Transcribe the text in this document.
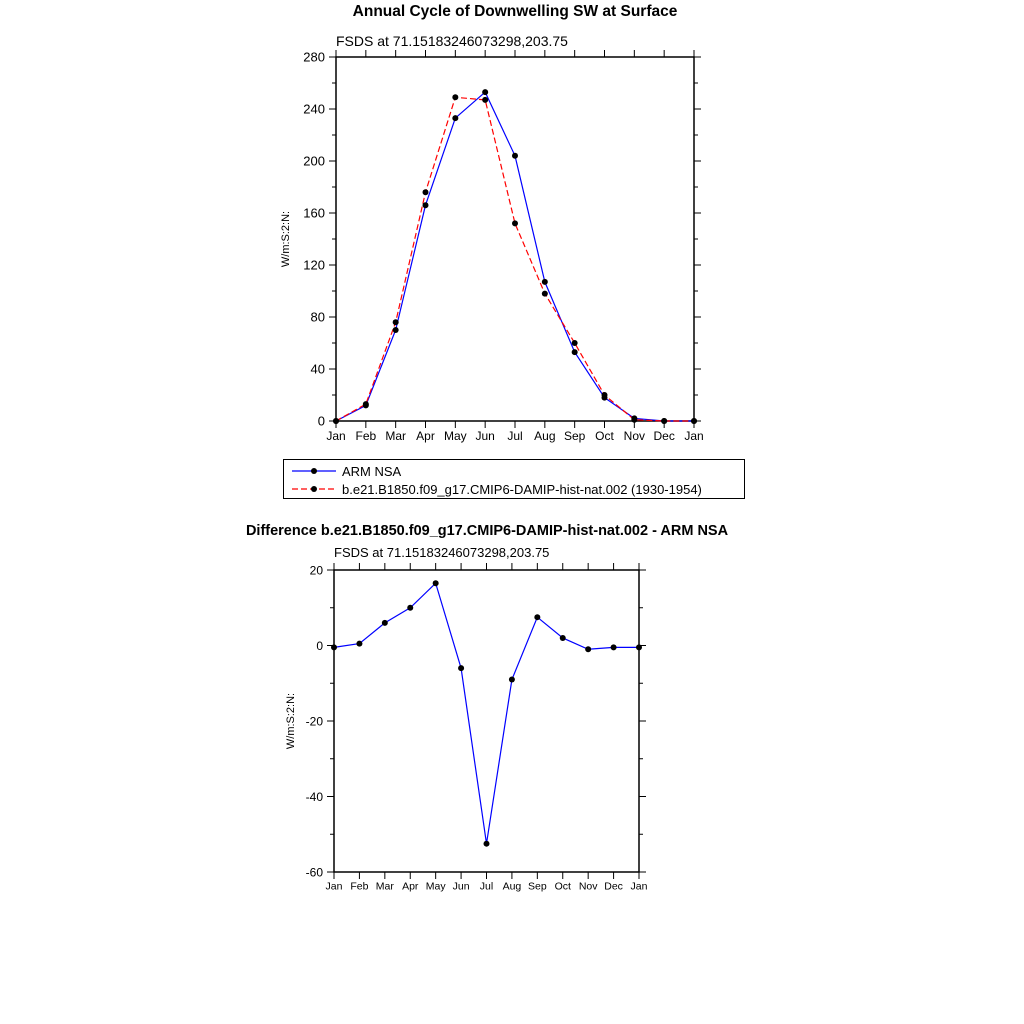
Annual Cycle of Downwelling SW at Surface
FSDS at 71.15183246073298,203.75
0
40
80
120
160
200
240
280
Jan Feb Mar Apr May Jun Jul Aug Sep Oct Nov Dec Jan
W/m:S:2:N:
-60
-40
-20
0
20
Jan Feb Mar Apr May Jun Jul Aug Sep Oct Nov Dec Jan
W/m:S:2:N:
ARM NSA
b.e21.B1850.f09_g17.CMIP6-DAMIP-hist-nat.002 (1930-1954)
Difference b.e21.B1850.f09_g17.CMIP6-DAMIP-hist-nat.002 - ARM NSA
FSDS at 71.15183246073298,203.75
